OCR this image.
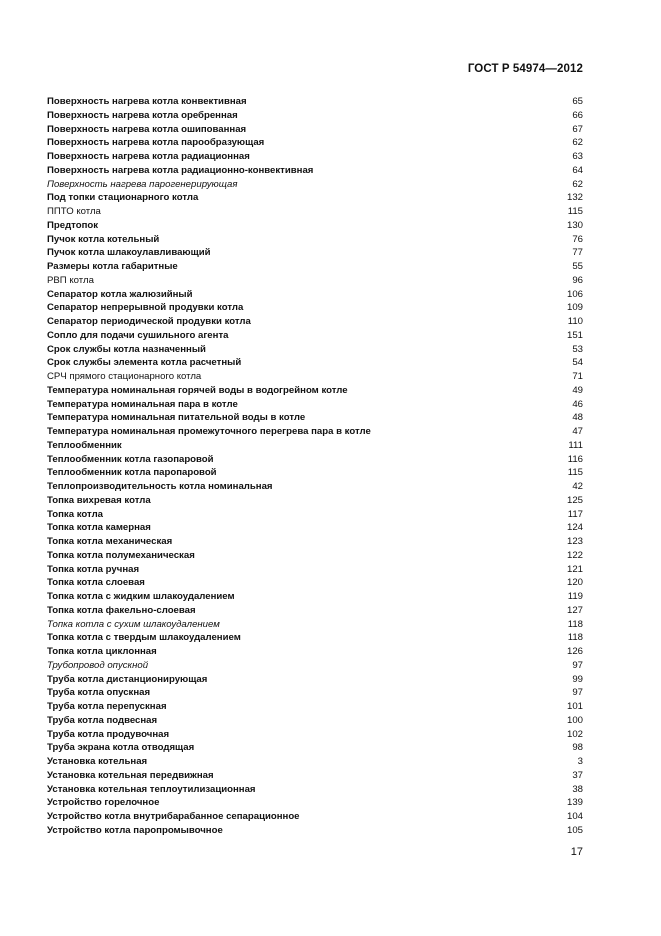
ГОСТ Р 54974—2012
Поверхность нагрева котла конвективная	65
Поверхность нагрева котла оребренная	66
Поверхность нагрева котла ошипованная	67
Поверхность нагрева котла парообразующая	62
Поверхность нагрева котла радиационная	63
Поверхность нагрева котла радиационно-конвективная	64
Поверхность нагрева парогенерирующая	62
Под топки стационарного котла	132
ППТО котла	115
Предтопок	130
Пучок котла котельный	76
Пучок котла шлакоулавливающий	77
Размеры котла габаритные	55
РВП котла	96
Сепаратор котла жалюзийный	106
Сепаратор непрерывной продувки котла	109
Сепаратор периодической продувки котла	110
Сопло для подачи сушильного агента	151
Срок службы котла назначенный	53
Срок службы элемента котла расчетный	54
СРЧ прямого стационарного котла	71
Температура номинальная горячей воды в водогрейном котле	49
Температура номинальная пара в котле	46
Температура номинальная питательной воды в котле	48
Температура номинальная промежуточного перегрева пара в котле	47
Теплообменник	111
Теплообменник котла газопаровой	116
Теплообменник котла паропаровой	115
Теплопроизводительность котла номинальная	42
Топка вихревая котла	125
Топка котла	117
Топка котла камерная	124
Топка котла механическая	123
Топка котла полумеханическая	122
Топка котла ручная	121
Топка котла слоевая	120
Топка котла с жидким шлакоудалением	119
Топка котла факельно-слоевая	127
Топка котла с сухим шлакоудалением	118
Топка котла с твердым шлакоудалением	118
Топка котла циклонная	126
Трубопровод опускной	97
Труба котла дистанционирующая	99
Труба котла опускная	97
Труба котла перепускная	101
Труба котла подвесная	100
Труба котла продувочная	102
Труба экрана котла отводящая	98
Установка котельная	3
Установка котельная передвижная	37
Установка котельная теплоутилизационная	38
Устройство горелочное	139
Устройство котла внутрибарабанное сепарационное	104
Устройство котла паропромывочное	105
17
